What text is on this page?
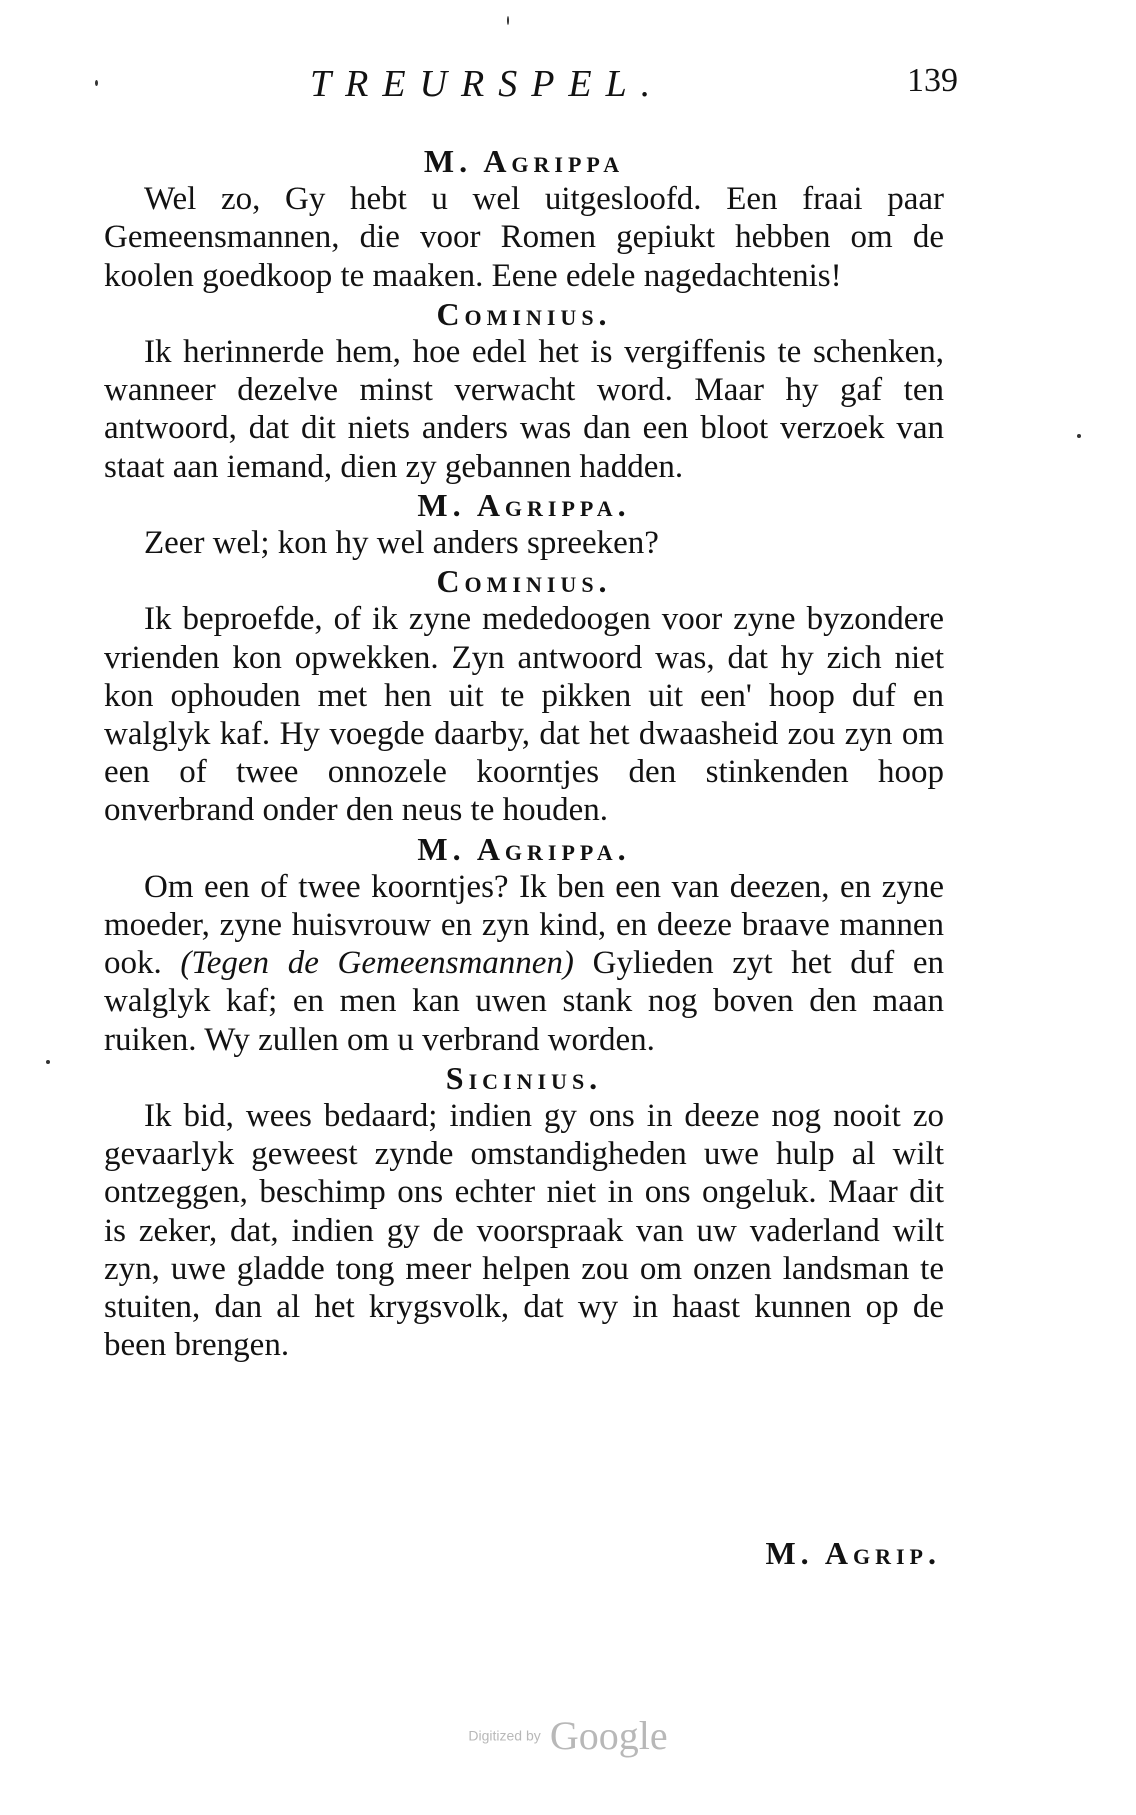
TREURSPEL.	139
M. Agrippa

Wel zo, Gy hebt u wel uitgesloofd. Een fraai paar Gemeensmannen, die voor Romen gepiukt hebben om de koolen goedkoop te maaken. Eene edele nagedachtenis!

Cominius.

Ik herinnerde hem, hoe edel het is vergiffenis te schenken, wanneer dezelve minst verwacht word. Maar hy gaf ten antwoord, dat dit niets anders was dan een bloot verzoek van staat aan iemand, dien zy gebannen hadden.

M. Agrippa.

Zeer wel; kon hy wel anders spreeken?

Cominius.

Ik beproefde, of ik zyne mededoogen voor zyne byzondere vrienden kon opwekken. Zyn antwoord was, dat hy zich niet kon ophouden met hen uit te pikken uit een' hoop duf en walglyk kaf. Hy voegde daarby, dat het dwaasheid zou zyn om een of twee onnozele koorntjes den stinkenden hoop onverbrand onder den neus te houden.

M. Agrippa.

Om een of twee koorntjes? Ik ben een van deezen, en zyne moeder, zyne huisvrouw en zyn kind, en deeze braave mannen ook. (Tegen de Gemeensmannen) Gylieden zyt het duf en walglyk kaf; en men kan uwen stank nog boven den maan ruiken. Wy zullen om u verbrand worden.

Sicinius.

Ik bid, wees bedaard; indien gy ons in deeze nog nooit zo gevaarlyk geweest zynde omstandigheden uwe hulp al wilt ontzeggen, beschimp ons echter niet in ons ongeluk. Maar dit is zeker, dat, indien gy de voorspraak van uw vaderland wilt zyn, uwe gladde tong meer helpen zou om onzen landsman te stuiten, dan al het krygsvolk, dat wy in haast kunnen op de been brengen.

M. Agrip.
Digitized by Google
